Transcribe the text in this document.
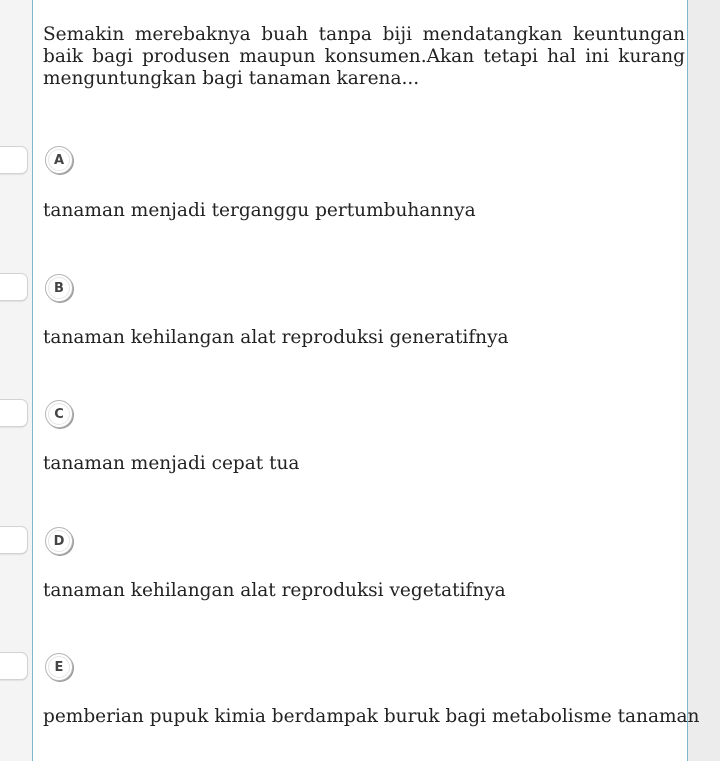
Semakin merebaknya buah tanpa biji mendatangkan keuntungan baik bagi produsen maupun konsumen.Akan tetapi hal ini kurang menguntungkan bagi tanaman karena...

A
tanaman menjadi terganggu pertumbuhannya
B
tanaman kehilangan alat reproduksi generatifnya
C
tanaman menjadi cepat tua
D
tanaman kehilangan alat reproduksi vegetatifnya
E
pemberian pupuk kimia berdampak buruk bagi metabolisme tanaman
